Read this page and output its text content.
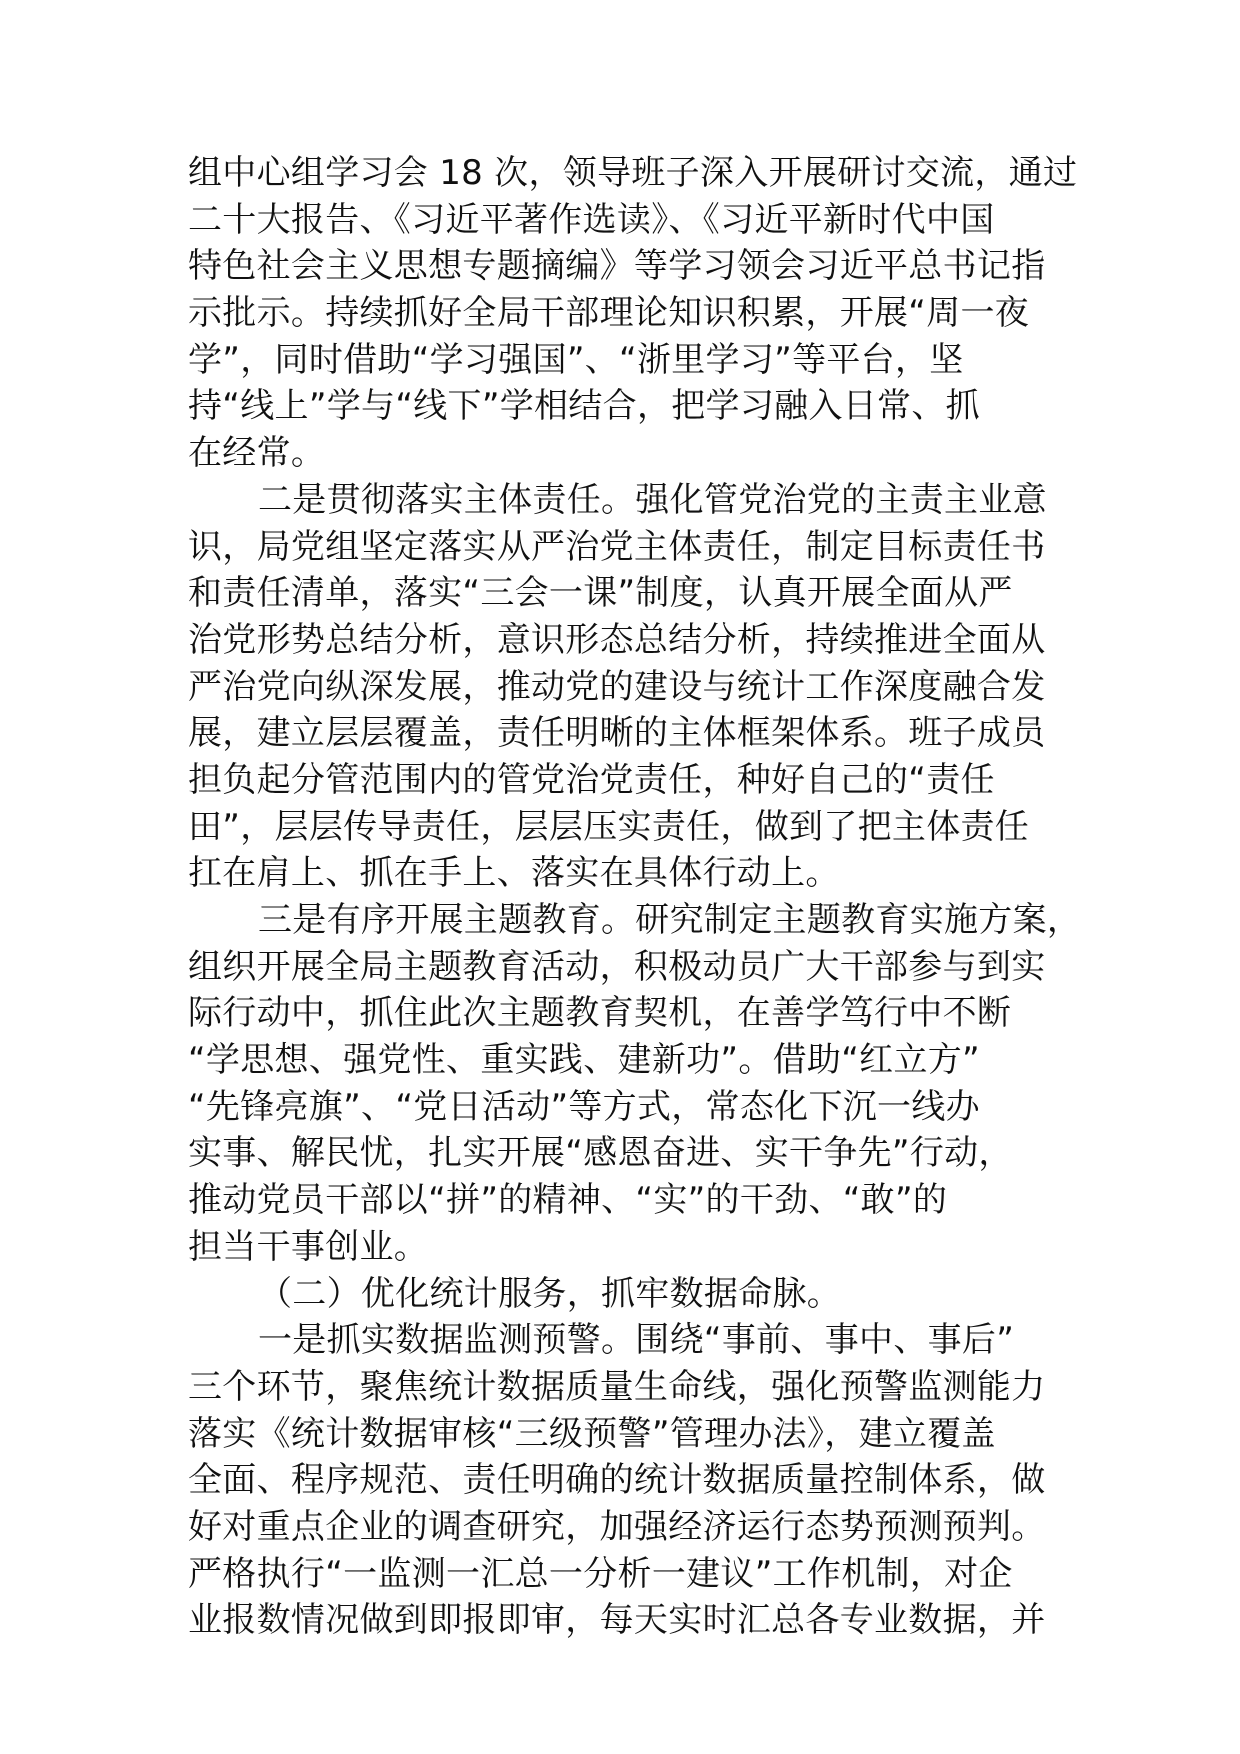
组中心组学习会 18 次，领导班子深入开展研讨交流，通过
二十大报告、《习近平著作选读》、《习近平新时代中国
特色社会主义思想专题摘编》等学习领会习近平总书记指
示批示。持续抓好全局干部理论知识积累，开展“周一夜
学”，同时借助“学习强国”、“浙里学习”等平台，坚
持“线上”学与“线下”学相结合，把学习融入日常、抓
在经常。
二是贯彻落实主体责任。强化管党治党的主责主业意
识，局党组坚定落实从严治党主体责任，制定目标责任书
和责任清单，落实“三会一课”制度，认真开展全面从严
治党形势总结分析，意识形态总结分析，持续推进全面从
严治党向纵深发展，推动党的建设与统计工作深度融合发
展，建立层层覆盖，责任明晰的主体框架体系。班子成员
担负起分管范围内的管党治党责任，种好自己的“责任
田”，层层传导责任，层层压实责任，做到了把主体责任
扛在肩上、抓在手上、落实在具体行动上。
三是有序开展主题教育。研究制定主题教育实施方案，
组织开展全局主题教育活动，积极动员广大干部参与到实
际行动中，抓住此次主题教育契机，在善学笃行中不断
“学思想、强党性、重实践、建新功”。借助“红立方”
“先锋亮旗”、“党日活动”等方式，常态化下沉一线办
实事、解民忧，扎实开展“感恩奋进、实干争先”行动，
推动党员干部以“拼”的精神、“实”的干劲、“敢”的
担当干事创业。
（二）优化统计服务，抓牢数据命脉。
一是抓实数据监测预警。围绕“事前、事中、事后”
三个环节，聚焦统计数据质量生命线，强化预警监测能力
落实《统计数据审核“三级预警”管理办法》，建立覆盖
全面、程序规范、责任明确的统计数据质量控制体系，做
好对重点企业的调查研究，加强经济运行态势预测预判。
严格执行“一监测一汇总一分析一建议”工作机制，对企
业报数情况做到即报即审，每天实时汇总各专业数据，并
